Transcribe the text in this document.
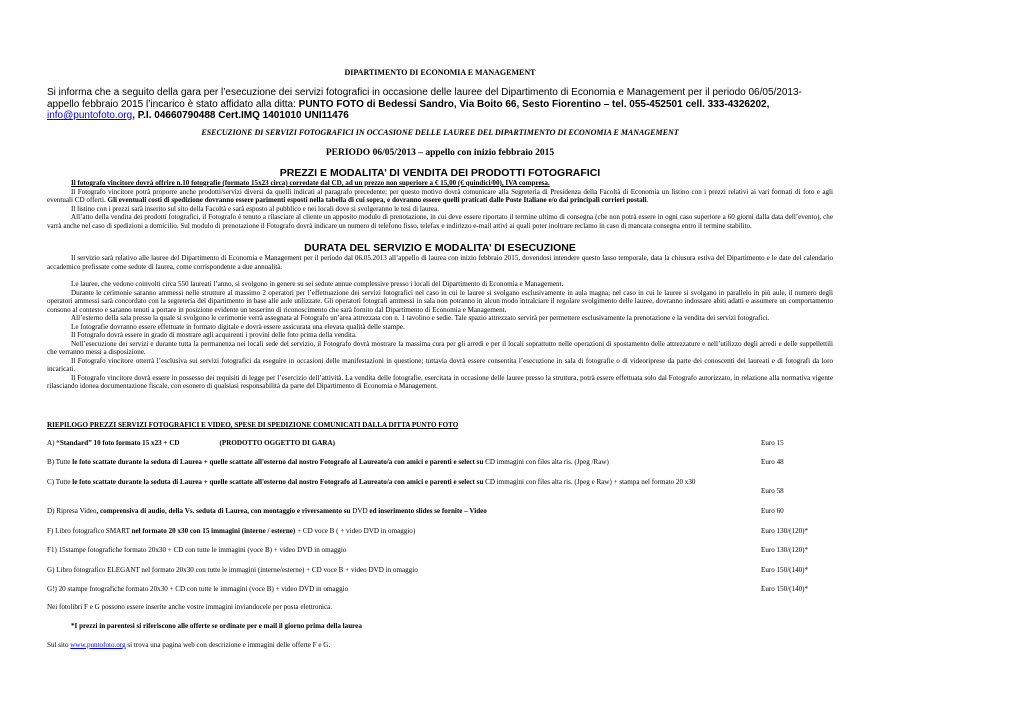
DIPARTIMENTO DI ECONOMIA E MANAGEMENT
Si informa che a seguito della gara per l’esecuzione dei servizi fotografici in occasione delle lauree del Dipartimento di Economia e Management per il periodo 06/05/2013-appello febbraio 2015 l’incarico è stato affidato alla ditta: PUNTO FOTO di Bedessi Sandro, Via Boito 66, Sesto Fiorentino – tel. 055-452501 cell. 333-4326202, info@puntofoto.org, P.I. 04660790488 Cert.IMQ 1401010 UNI11476
ESECUZIONE DI SERVIZI FOTOGRAFICI IN OCCASIONE DELLE LAUREE DEL DIPARTIMENTO DI ECONOMIA E MANAGEMENT
PERIODO 06/05/2013 – appello con inizio febbraio 2015
PREZZI E MODALITA’ DI VENDITA DEI PRODOTTI FOTOGRAFICI

Il fotografo vincitore dovrà offrire n.10 fotografie (formato 15x23 circa) corredate dal CD, ad un prezzo non superiore a € 15,00 (€ quindici/00), IVA compresa.

Il Fotografo vincitore potrà proporre anche prodotti/servizi diversi da quelli indicati al paragrafo precedente; per questo motivo dovrà comunicare alla Segreteria di Presidenza della Facoltà di Economia un listino con i prezzi relativi ai vari formati di foto e agli eventuali CD offerti. Gli eventuali costi di spedizione dovranno essere parimenti esposti nella tabella di cui sopra, e dovranno essere quelli praticati dalle Poste Italiane e/o dai principali corrieri postali.

Il listino con i prezzi sarà inserito sul sito della Facoltà e sarà esposto al pubblico e nei locali dove si svolgeranno le tesi di laurea.

All’atto della vendita dei prodotti fotografici, il Fotografo è tenuto a rilasciare al cliente un apposito modulo di prenotazione, in cui deve essere riportato il termine ultimo di consegna (che non potrà essere in ogni caso superiore a 60 giorni dalla data dell’evento), che varrà anche nel caso di spedizioni a domicilio. Sul modulo di prenotazione il Fotografo dovrà indicare un numero di telefono fisso, telefax e indirizzo e-mail attivi ai quali poter inoltrare reclamo in caso di mancata consegna entro il termine stabilito.

DURATA DEL SERVIZIO E MODALITA’ DI ESECUZIONE

Il servizio sarà relativo alle lauree del Dipartimento di Economia e Management per il periodo dal 06.05.2013 all’appello di laurea con inizio febbraio 2015, dovendosi intendere questo lasso temporale, data la chiusura estiva del Dipartimento e le date del calendario accademico prefissate come sedute di laurea, come corrispondente a due annualità.

Le lauree, che vedono coinvolti circa 550 laureati l’anno, si svolgono in genere su sei sedute annue complessive presso i locali del Dipartimento di Economia e Management.

Durante le cerimonie saranno ammessi nelle strutture al massimo 2 operatori per l’effettuazione dei servizi fotografici nel caso in cui le lauree si svolgano esclusivamente in aula magna; nel caso in cui le lauree si svolgano in parallelo in più aule, il numero degli operatori ammessi sarà concordato con la segreteria del dipartimento in base alle aule utilizzate. Gli operatori fotografi ammessi in sala non potranno in alcun modo intralciare il regolare svolgimento delle lauree, dovranno indossare abiti adatti e assumere un comportamento consono al contesto e saranno tenuti a portare in posizione evidente un tesserino di riconoscimento che sarà fornito dal Dipartimento di Economia e Management.

All’esterno della sala presso la quale si svolgono le cerimonie verrà assegnata al Fotografo un’area attrezzata con n. 1 tavolino e sedie. Tale spazio attrezzato servirà per permettere esclusivamente la prenotazione e la vendita dei servizi fotografici.

Le fotografie dovranno essere effettuate in formato digitale e dovrà essere assicurata una elevata qualità delle stampe.

Il Fotografo dovrà essere in grado di mostrare agli acquirenti i provini delle foto prima della vendita.

Nell’esecuzione dei servizi e durante tutta la permanenza nei locali sede del servizio, il Fotografo dovrà mostrare la massima cura per gli arredi e per il locali soprattutto nelle operazioni di spostamento delle attrezzature e nell’utilizzo degli arredi e delle suppellettili che verranno messi a disposizione.

Il Fotografo vincitore otterrà l’esclusiva sui servizi fotografici da eseguire in occasioni delle manifestazioni in questione; tuttavia dovrà essere consentita l’esecuzione in sala di fotografie o di videoriprese da parte dei conoscenti dei laureati e di fotografi da loro incaricati.

Il Fotografo vincitore dovrà essere in possesso dei requisiti di legge per l’esercizio dell’attività. La vendita delle fotografie, esercitata in occasione delle lauree presso la struttura, potrà essere effettuata solo dal Fotografo autorizzato, in relazione alla normativa vigente rilasciando idonea documentazione fiscale, con esonero di qualsiasi responsabilità da parte del Dipartimento di Economia e Management.

RIEPILOGO PREZZI SERVIZI FOTOGRAFICI E VIDEO, SPESE DI SPEDIZIONE COMUNICATI DALLA DITTA PUNTO FOTO
A) “Standard” 10 foto formato 15 x23 + CD	(PRODOTTO OGGETTO DI GARA)	Euro 15
B) Tutte le foto scattate durante la seduta di Laurea + quelle scattate all'esterno dal nostro Fotografo al Laureato/a con amici e parenti e select su CD immagini con files alta ris. (Jpeg /Raw)	Euro 48
C) Tutte le foto scattate durante la seduta di Laurea + quelle scattate all'esterno dal nostro Fotografo al Laureato/a con amici e parenti e select su CD immagini con files alta ris. (Jpeg e Raw) + stampa nel formato 20 x30
Euro 58
D) Ripresa Video, comprensiva di audio, della Vs. seduta di Laurea, con montaggio e riversamento su DVD ed inserimento slides se fornite – Video	Euro 60
F) Libro fotografico SMART nel formato 20 x30 con 15 immagini (interne / esterne) + CD voce B ( + video DVD in omaggio)	Euro 130/(120)*
F1) 15stampe fotografiche formato 20x30 + CD con tutte le immagini (voce B) + video DVD in omaggio	Euro 130/(120)*
G) Libro fotografico ELEGANT nel formato 20x30 con tutte le immagini (interne/esterne) + CD voce B + video DVD in omaggio	Euro 150/(140)*
G!) 20 stampe fotografiche formato 20x30 + CD con tutte le immagini (voce B) + video DVD in omaggio	Euro 150/(140)*
Nei fotolibri F e G possono essere inserite anche vostre immagini inviandocele per posta elettronica.
*I prezzi in parentesi si riferiscono alle offerte se ordinate per e mail il giorno prima della laurea
Sul sito www.puntofoto.org si trova una pagina web con descrizione e immagini delle offerte F e G.
